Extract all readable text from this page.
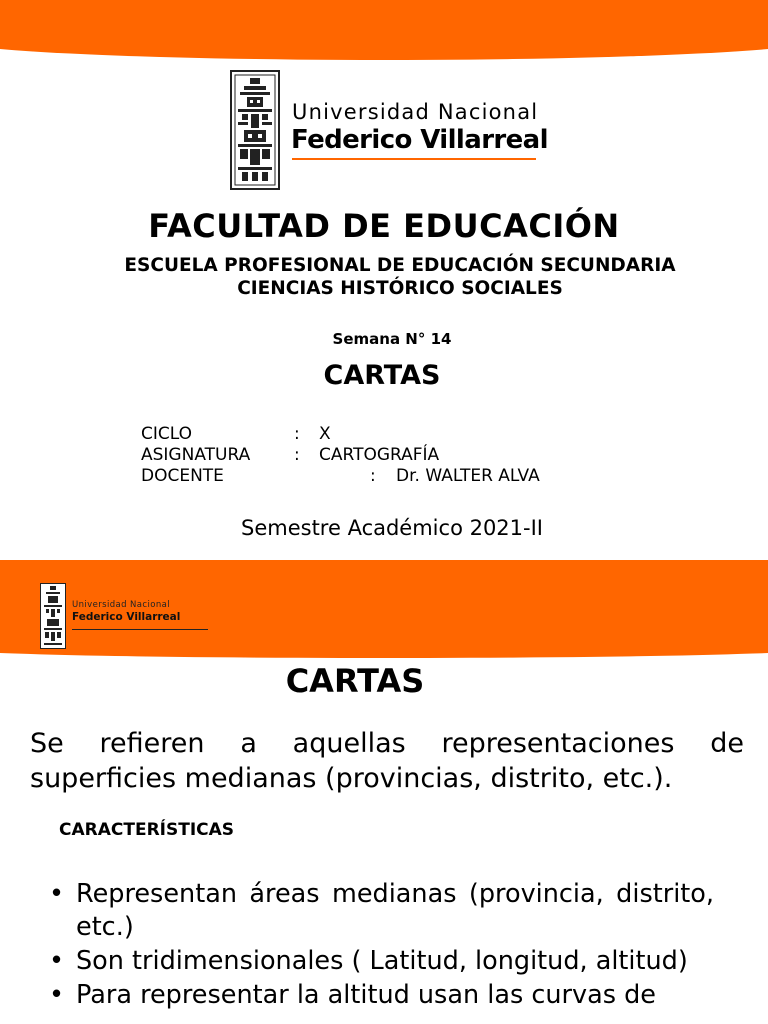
Universidad Nacional
Federico Villarreal
FACULTAD DE EDUCACIÓN
ESCUELA PROFESIONAL DE EDUCACIÓN SECUNDARIA
CIENCIAS HISTÓRICO SOCIALES
Semana N° 14
CARTAS
CICLO	: X
ASIGNATURA	: CARTOGRAFÍA
DOCENTE	: Dr. WALTER ALVA
Semestre Académico 2021-II
Universidad Nacional
Federico Villarreal
CARTAS
Se refieren a aquellas representaciones de superficies medianas (provincias, distrito, etc.).
CARACTERÍSTICAS
• Representan áreas medianas (provincia, distrito, etc.)
• Son tridimensionales ( Latitud, longitud, altitud)
• Para representar la altitud usan las curvas de
